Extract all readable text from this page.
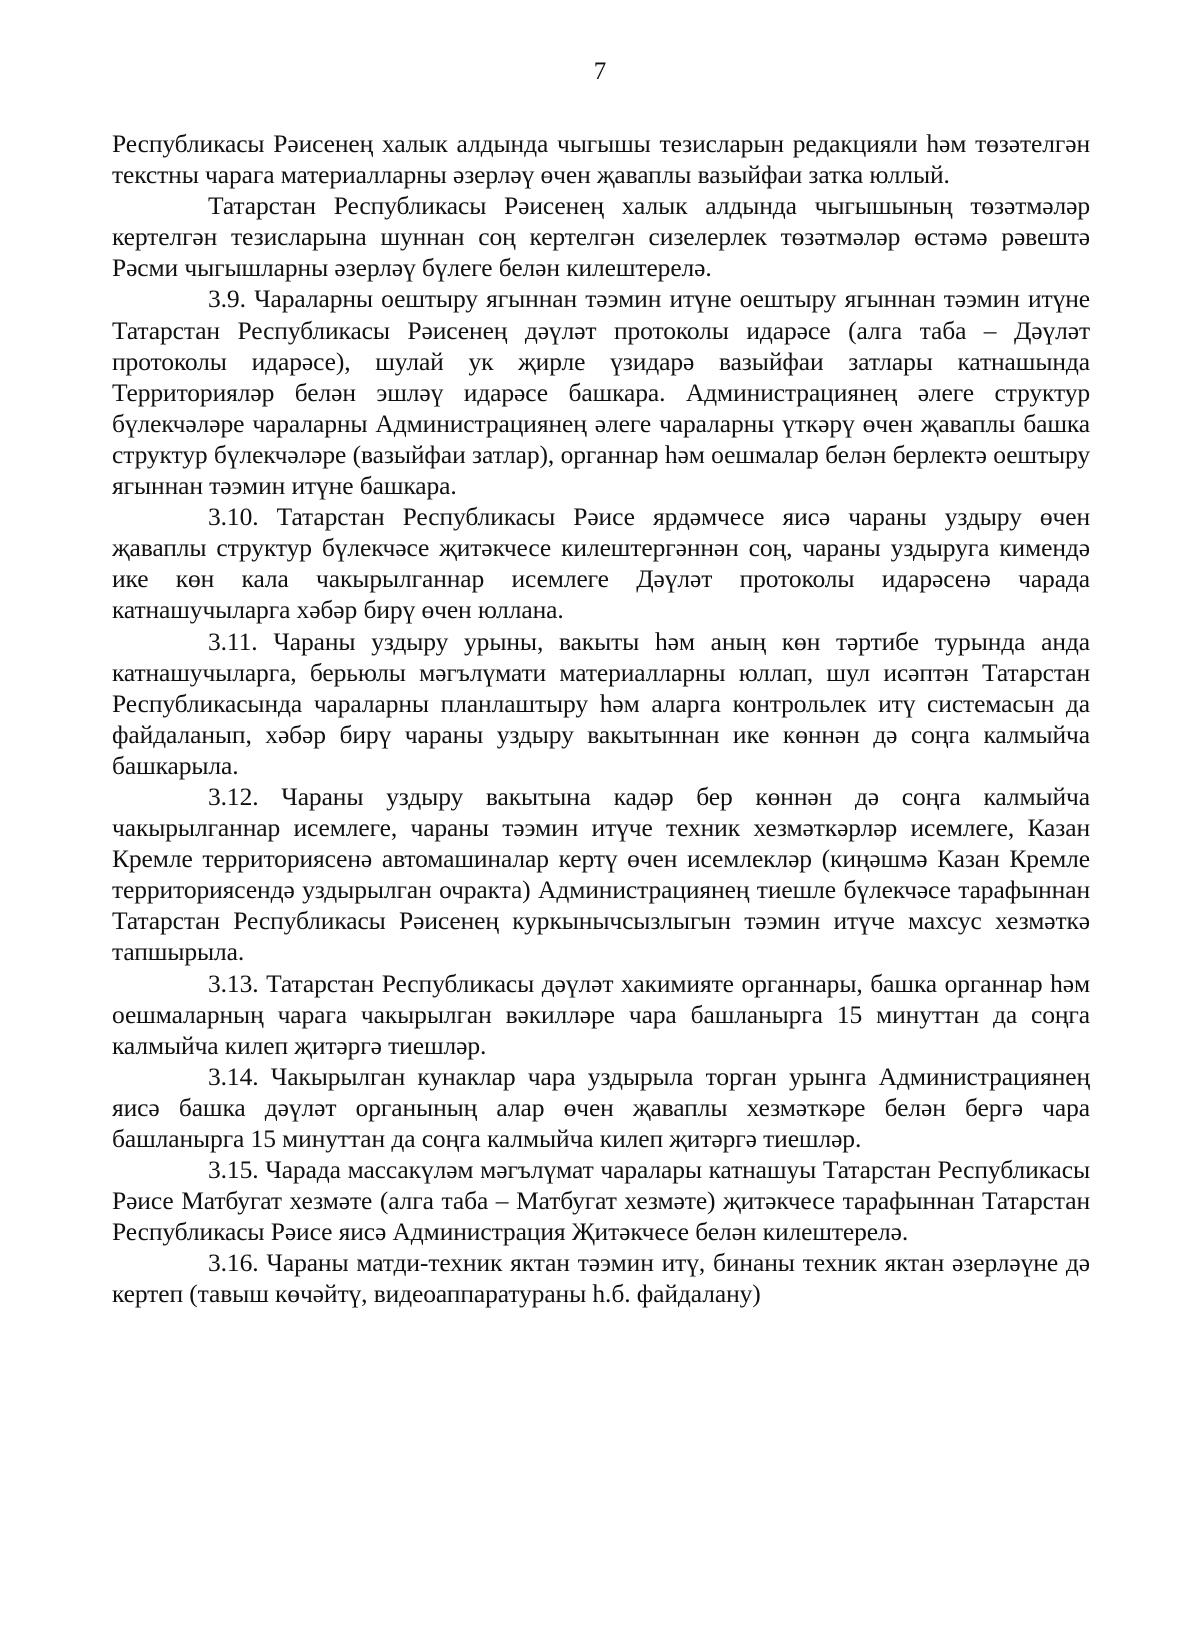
7

Республикасы Рәисенең халык алдында чыгышы тезисларын редакцияли һәм төзәтелгән текстны чарага материалларны әзерләү өчен җаваплы вазыйфаи затка юллый.

Татарстан Республикасы Рәисенең халык алдында чыгышының төзәтмәләр кертелгән тезисларына шуннан соң кертелгән сизелерлек төзәтмәләр өстәмә рәвештә Рәсми чыгышларны әзерләү бүлеге белән килештерелә.

3.9. Чараларны оештыру ягыннан тәэмин итүне оештыру ягыннан тәэмин итүне Татарстан Республикасы Рәисенең дәүләт протоколы идарәсе (алга таба – Дәүләт протоколы идарәсе), шулай ук җирле үзидарә вазыйфаи затлары катнашында Территорияләр белән эшләү идарәсе башкара. Администрациянең әлеге структур бүлекчәләре чараларны Администрациянең әлеге чараларны үткәрү өчен җаваплы башка структур бүлекчәләре (вазыйфаи затлар), органнар һәм оешмалар белән берлектә оештыру ягыннан тәэмин итүне башкара.

3.10. Татарстан Республикасы Рәисе ярдәмчесе яисә чараны уздыру өчен җаваплы структур бүлекчәсе җитәкчесе килештергәннән соң, чараны уздыруга кимендә ике көн кала чакырылганнар исемлеге Дәүләт протоколы идарәсенә чарада катнашучыларга хәбәр бирү өчен юллана.

3.11. Чараны уздыру урыны, вакыты һәм аның көн тәртибе турында анда катнашучыларга, берьюлы мәгълүмати материалларны юллап, шул исәптән Татарстан Республикасында чараларны планлаштыру һәм аларга контрольлек итү системасын да файдаланып, хәбәр бирү чараны уздыру вакытыннан ике көннән дә соңга калмыйча башкарыла.

3.12. Чараны уздыру вакытына кадәр бер көннән дә соңга калмыйча чакырылганнар исемлеге, чараны тәэмин итүче техник хезмәткәрләр исемлеге, Казан Кремле территориясенә автомашиналар кертү өчен исемлекләр (киңәшмә Казан Кремле территориясендә уздырылган очракта) Администрациянең тиешле бүлекчәсе тарафыннан Татарстан Республикасы Рәисенең куркынычсызлыгын тәэмин итүче махсус хезмәткә тапшырыла.

3.13. Татарстан Республикасы дәүләт хакимияте органнары, башка органнар һәм оешмаларның чарага чакырылган вәкилләре чара башланырга 15 минуттан да соңга калмыйча килеп җитәргә тиешләр.

3.14. Чакырылган кунаклар чара уздырыла торган урынга Администрациянең яисә башка дәүләт органының алар өчен җаваплы хезмәткәре белән бергә чара башланырга 15 минуттан да соңга калмыйча килеп җитәргә тиешләр.

3.15. Чарада массакүләм мәгълүмат чаралары катнашуы Татарстан Республикасы Рәисе Матбугат хезмәте (алга таба – Матбугат хезмәте) җитәкчесе тарафыннан Татарстан Республикасы Рәисе яисә Администрация Җитәкчесе белән килештерелә.

3.16. Чараны матди-техник яктан тәэмин итү, бинаны техник яктан әзерләүне дә кертеп (тавыш көчәйтү, видеоаппаратураны һ.б. файдалану)
